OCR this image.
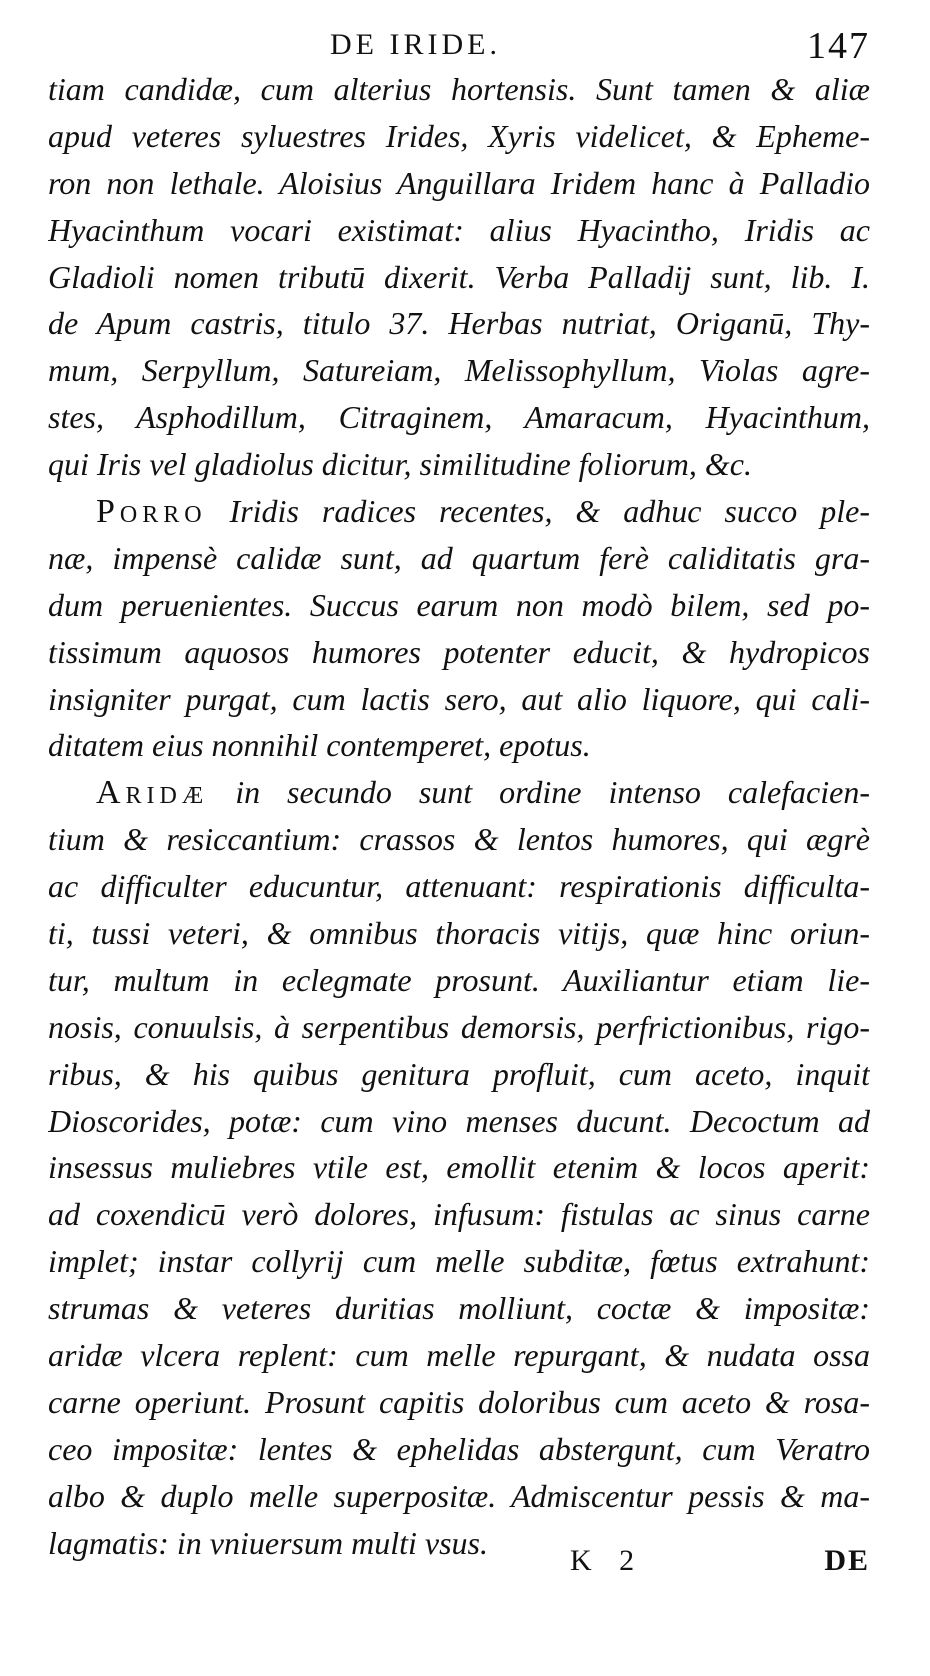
DE IRIDE.	147
tiam candidæ, cum alterius hortensis. Sunt tamen & aliæ
apud veteres syluestres Irides, Xyris videlicet, & Epheme-
ron non lethale. Aloisius Anguillara Iridem hanc à Palladio
Hyacinthum vocari existimat: alius Hyacintho, Iridis ac
Gladioli nomen tributū dixerit. Verba Palladij sunt, lib. I.
de Apum castris, titulo 37. Herbas nutriat, Origanū, Thy-
mum, Serpyllum, Satureiam, Melissophyllum, Violas agre-
stes, Asphodillum, Citraginem, Amaracum, Hyacinthum,
qui Iris vel gladiolus dicitur, similitudine foliorum, &c.
Porro Iridis radices recentes, & adhuc succo ple-
næ, impensè calidæ sunt, ad quartum ferè caliditatis gra-
dum peruenientes. Succus earum non modò bilem, sed po-
tissimum aquosos humores potenter educit, & hydropicos
insigniter purgat, cum lactis sero, aut alio liquore, qui cali-
ditatem eius nonnihil contemperet, epotus.
Aridæ in secundo sunt ordine intenso calefacien-
tium & resiccantium: crassos & lentos humores, qui ægrè
ac difficulter educuntur, attenuant: respirationis difficulta-
ti, tussi veteri, & omnibus thoracis vitijs, quæ hinc oriun-
tur, multum in eclegmate prosunt. Auxiliantur etiam lie-
nosis, conuulsis, à serpentibus demorsis, perfrictionibus, rigo-
ribus, & his quibus genitura profluit, cum aceto, inquit
Dioscorides, potæ: cum vino menses ducunt. Decoctum ad
insessus muliebres vtile est, emollit etenim & locos aperit:
ad coxendicū verò dolores, infusum: fistulas ac sinus carne
implet; instar collyrij cum melle subditæ, fœtus extrahunt:
strumas & veteres duritias molliunt, coctæ & impositæ:
aridæ vlcera replent: cum melle repurgant, & nudata ossa
carne operiunt. Prosunt capitis doloribus cum aceto & rosa-
ceo impositæ: lentes & ephelidas abstergunt, cum Veratro
albo & duplo melle superpositæ. Admiscentur pessis & ma-
lagmatis: in vniuersum multi vsus.	K 2	DE
